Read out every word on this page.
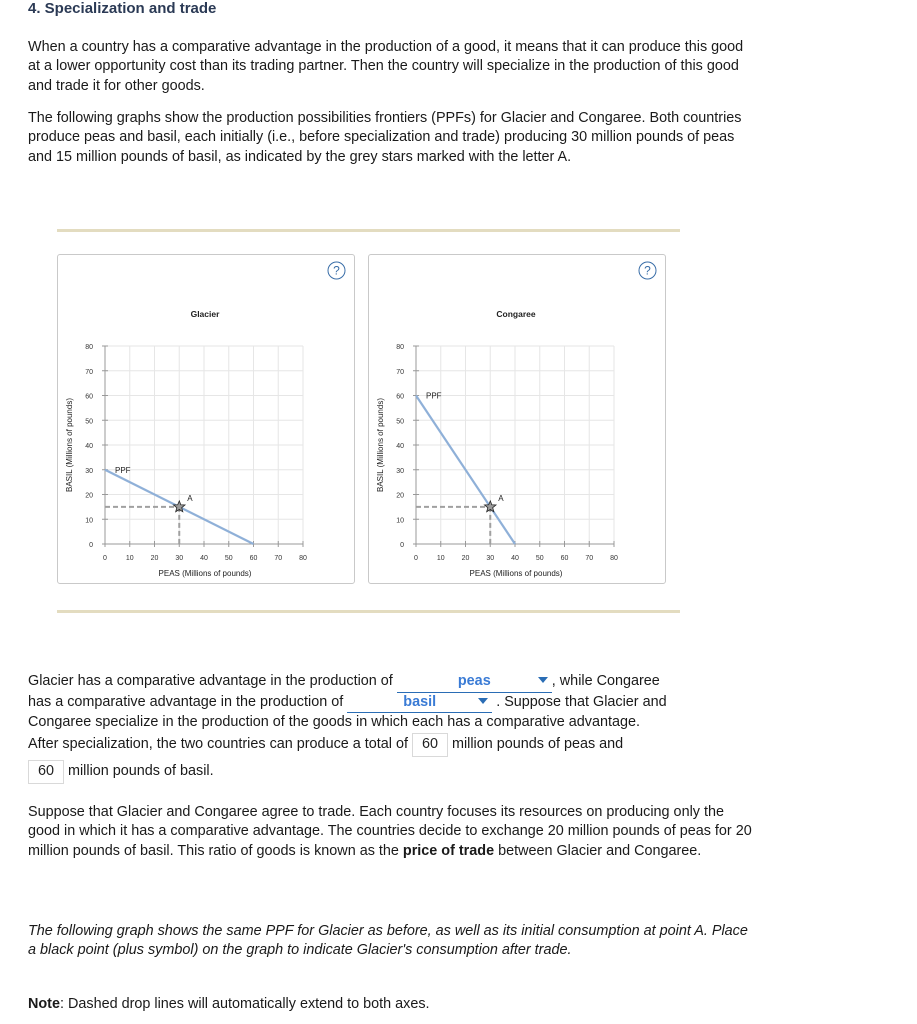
4. Specialization and trade
When a country has a comparative advantage in the production of a good, it means that it can produce this good at a lower opportunity cost than its trading partner. Then the country will specialize in the production of this good and trade it for other goods.
The following graphs show the production possibilities frontiers (PPFs) for Glacier and Congaree. Both countries produce peas and basil, each initially (i.e., before specialization and trade) producing 30 million pounds of peas and 15 million pounds of basil, as indicated by the grey stars marked with the letter A.
0
10
20
30
40
50
60
70
80
0	10 20 30 40 50 60 70 80
Glacier
PEAS (Millions of pounds)
BASIL (Millions of pounds)	PPF
A
?
0
10
20
30
40
50
60
70
80
0	10 20 30 40 50 60 70 80
Congaree
PEAS (Millions of pounds)
BASIL (Millions of pounds)
PPF
A
?
Glacier has a comparative advantage in the production of	peas	, while Congaree
has a comparative advantage in the production of	basil	. Suppose that Glacier and
Congaree specialize in the production of the goods in which each has a comparative advantage.
After specialization, the two countries can produce a total of 60 million pounds of peas and
60 million pounds of basil.
Suppose that Glacier and Congaree agree to trade. Each country focuses its resources on producing only the good in which it has a comparative advantage. The countries decide to exchange 20 million pounds of peas for 20 million pounds of basil. This ratio of goods is known as the price of trade between Glacier and Congaree.
The following graph shows the same PPF for Glacier as before, as well as its initial consumption at point A. Place a black point (plus symbol) on the graph to indicate Glacier's consumption after trade.
Note: Dashed drop lines will automatically extend to both axes.
